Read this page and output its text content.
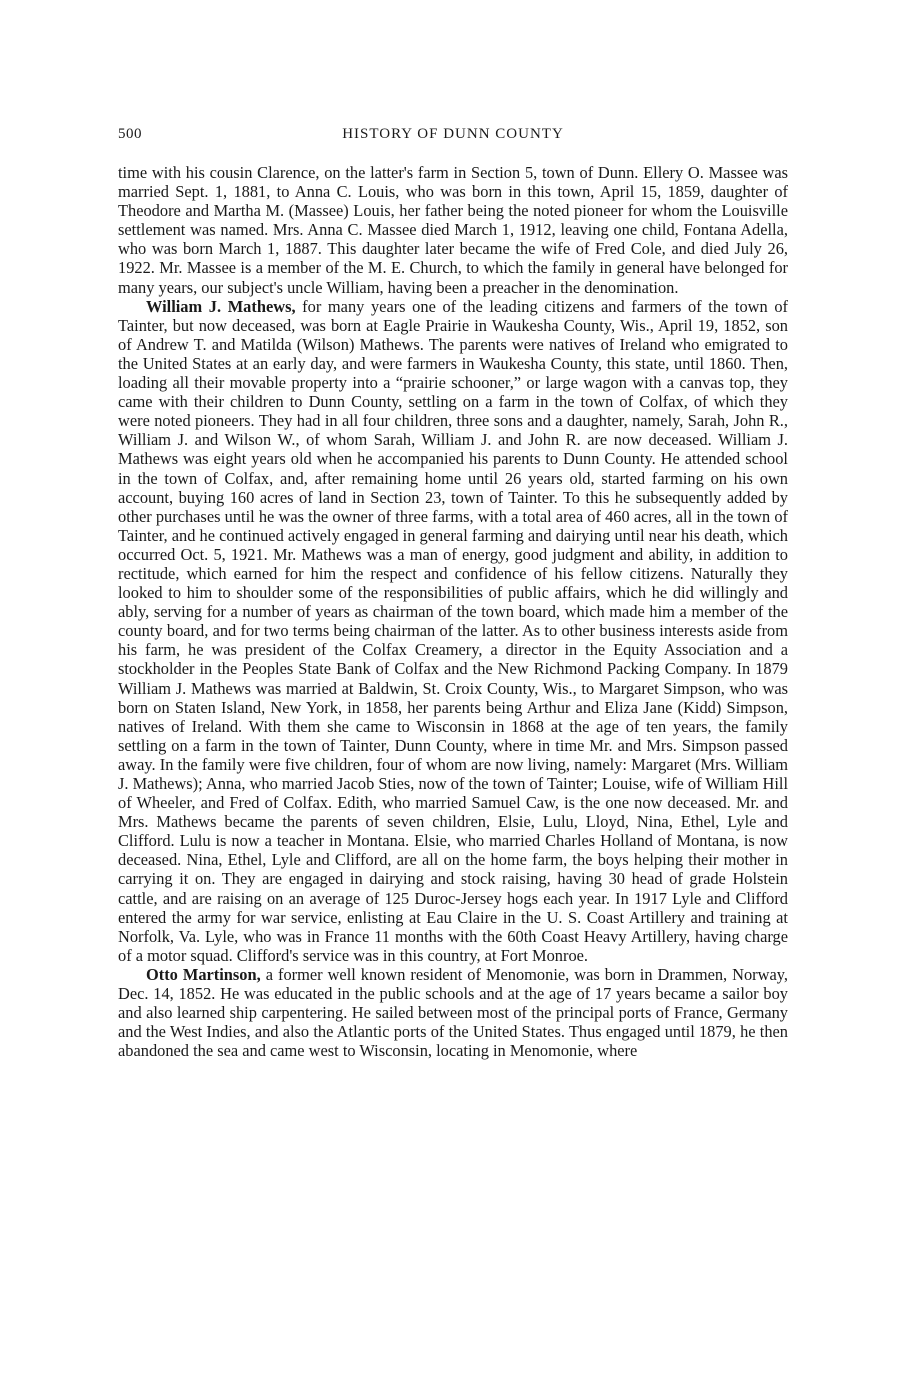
500	HISTORY OF DUNN COUNTY

time with his cousin Clarence, on the latter's farm in Section 5, town of Dunn. Ellery O. Massee was married Sept. 1, 1881, to Anna C. Louis, who was born in this town, April 15, 1859, daughter of Theodore and Martha M. (Massee) Louis, her father being the noted pioneer for whom the Louisville settlement was named. Mrs. Anna C. Massee died March 1, 1912, leaving one child, Fontana Adella, who was born March 1, 1887. This daughter later became the wife of Fred Cole, and died July 26, 1922. Mr. Massee is a member of the M. E. Church, to which the family in general have belonged for many years, our subject's uncle William, having been a preacher in the denomination.

William J. Mathews, for many years one of the leading citizens and farmers of the town of Tainter, but now deceased, was born at Eagle Prairie in Waukesha County, Wis., April 19, 1852, son of Andrew T. and Matilda (Wilson) Mathews. The parents were natives of Ireland who emigrated to the United States at an early day, and were farmers in Waukesha County, this state, until 1860. Then, loading all their movable property into a “prairie schooner,” or large wagon with a canvas top, they came with their children to Dunn County, settling on a farm in the town of Colfax, of which they were noted pioneers. They had in all four children, three sons and a daughter, namely, Sarah, John R., William J. and Wilson W., of whom Sarah, William J. and John R. are now deceased. William J. Mathews was eight years old when he accompanied his parents to Dunn County. He attended school in the town of Colfax, and, after remaining home until 26 years old, started farming on his own account, buying 160 acres of land in Section 23, town of Tainter. To this he subsequently added by other purchases until he was the owner of three farms, with a total area of 460 acres, all in the town of Tainter, and he continued actively engaged in general farming and dairying until near his death, which occurred Oct. 5, 1921. Mr. Mathews was a man of energy, good judgment and ability, in addition to rectitude, which earned for him the respect and confidence of his fellow citizens. Naturally they looked to him to shoulder some of the responsibilities of public affairs, which he did willingly and ably, serving for a number of years as chairman of the town board, which made him a member of the county board, and for two terms being chairman of the latter. As to other business interests aside from his farm, he was president of the Colfax Creamery, a director in the Equity Association and a stockholder in the Peoples State Bank of Colfax and the New Richmond Packing Company. In 1879 William J. Mathews was married at Baldwin, St. Croix County, Wis., to Margaret Simpson, who was born on Staten Island, New York, in 1858, her parents being Arthur and Eliza Jane (Kidd) Simpson, natives of Ireland. With them she came to Wisconsin in 1868 at the age of ten years, the family settling on a farm in the town of Tainter, Dunn County, where in time Mr. and Mrs. Simpson passed away. In the family were five children, four of whom are now living, namely: Margaret (Mrs. William J. Mathews); Anna, who married Jacob Sties, now of the town of Tainter; Louise, wife of William Hill of Wheeler, and Fred of Colfax. Edith, who married Samuel Caw, is the one now deceased. Mr. and Mrs. Mathews became the parents of seven children, Elsie, Lulu, Lloyd, Nina, Ethel, Lyle and Clifford. Lulu is now a teacher in Montana. Elsie, who married Charles Holland of Montana, is now deceased. Nina, Ethel, Lyle and Clifford, are all on the home farm, the boys helping their mother in carrying it on. They are engaged in dairying and stock raising, having 30 head of grade Holstein cattle, and are raising on an average of 125 Duroc-Jersey hogs each year. In 1917 Lyle and Clifford entered the army for war service, enlisting at Eau Claire in the U. S. Coast Artillery and training at Norfolk, Va. Lyle, who was in France 11 months with the 60th Coast Heavy Artillery, having charge of a motor squad. Clifford's service was in this country, at Fort Monroe.

Otto Martinson, a former well known resident of Menomonie, was born in Drammen, Norway, Dec. 14, 1852. He was educated in the public schools and at the age of 17 years became a sailor boy and also learned ship carpentering. He sailed between most of the principal ports of France, Germany and the West Indies, and also the Atlantic ports of the United States. Thus engaged until 1879, he then abandoned the sea and came west to Wisconsin, locating in Menomonie, where
